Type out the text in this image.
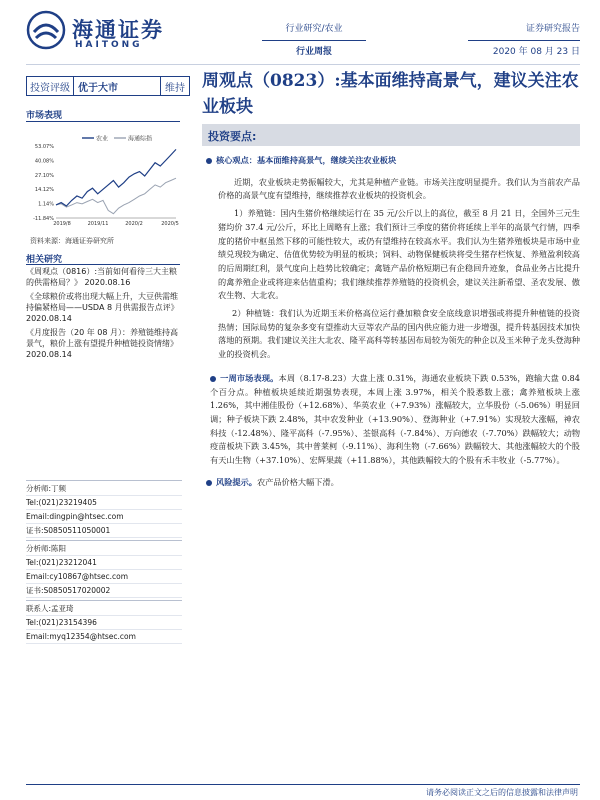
海通证券
HAITONG
行业研究/农业
行业周报
证券研究报告
2020 年 08 月 23 日
投资评级 优于大市	维持 周观点（0823）:基本面维持高景气，建议关注农业板块
投资要点:
市场表现
农业	海通综指
53.07%
40.08%
27.10%
14.12%
1.14%
-11.84%
2019/8	2019/11	2020/2	2020/5
资料来源：海通证券研究所
相关研究
《周观点（0816）:当前如何看待三大主粮的供需格局？》 2020.08.16
《全球粮价或将出现大幅上升，大豆供需维持偏紧格局——USDA 8 月供需报告点评》 2020.08.14
《月度报告（20 年 08 月）：养殖链维持高景气，粮价上涨有望提升种植链投资情绪》 2020.08.14
分析师:丁频
Tel:(021)23219405
Email:dingpin@htsec.com
证书:S0850511050001
分析师:陈阳
Tel:(021)23212041
Email:cy10867@htsec.com
证书:S0850517020002
联系人:孟亚琦
Tel:(021)23154396
Email:myq12354@htsec.com
核心观点：基本面维持高景气，继续关注农业板块
近期，农业板块走势振幅较大，尤其是种植产业链。市场关注度明显提升。我们认为当前农产品价格的高景气度有望维持，继续推荐农业板块的投资机会。
1）养殖链：国内生猪价格继续运行在 35 元/公斤以上的高位，截至 8 月 21 日，全国外三元生猪均价 37.4 元/公斤，环比上周略有上涨；我们预计三季度的猪价将延续上半年的高景气行情，四季度的猪价中枢虽然下移的可能性较大，或仍有望维持在较高水平。我们认为生猪养殖板块是市场中业绩兑现较为确定、估值优势较为明显的板块；饲料、动物保健板块将受生猪存栏恢复、养殖盈利较高的后周期红利，景气度向上趋势比较确定；禽链产品价格短期已有企稳回升迹象，食品业务占比提升的禽养殖企业或将迎来估值重构；我们继续推荐养殖链的投资机会，建议关注新希望、圣农发展、傲农生物、大北农。
2）种植链：我们认为近期玉米价格高位运行叠加粮食安全底线意识增强或将提升种植链的投资热情；国际局势的复杂多变有望推动大豆等农产品的国内供应能力进一步增强，提升转基因技术加快落地的预期。我们建议关注大北农、隆平高科等转基因布局较为领先的种企以及玉米种子龙头登海种业的投资机会。
一周市场表现。本周（8.17-8.23）大盘上涨 0.31%，海通农业板块下跌 0.53%，跑输大盘 0.84 个百分点。种植板块延续近期强势表现，本周上涨 3.97%，相关个股悉数上涨；禽养殖板块上涨 1.26%，其中湘佳股份（+12.68%）、华英农业（+7.93%）涨幅较大，立华股份（-5.06%）明显回调；种子板块下跌 2.48%，其中农发种业（+13.90%）、登海种业（+7.91%）实现较大涨幅，神农科技（-12.48%）、隆平高科（-7.95%）、荃银高科（-7.84%）、万向德农（-7.70%）跌幅较大；动物疫苗板块下跌 3.45%，其中普莱柯（-9.11%）、海利生物（-7.66%）跌幅较大、其他涨幅较大的个股有天山生物（+37.10%）、宏辉果蔬（+11.88%），其他跌幅较大的个股有禾丰牧业（-5.77%）。
风险提示。农产品价格大幅下滑。
请务必阅读正文之后的信息披露和法律声明
